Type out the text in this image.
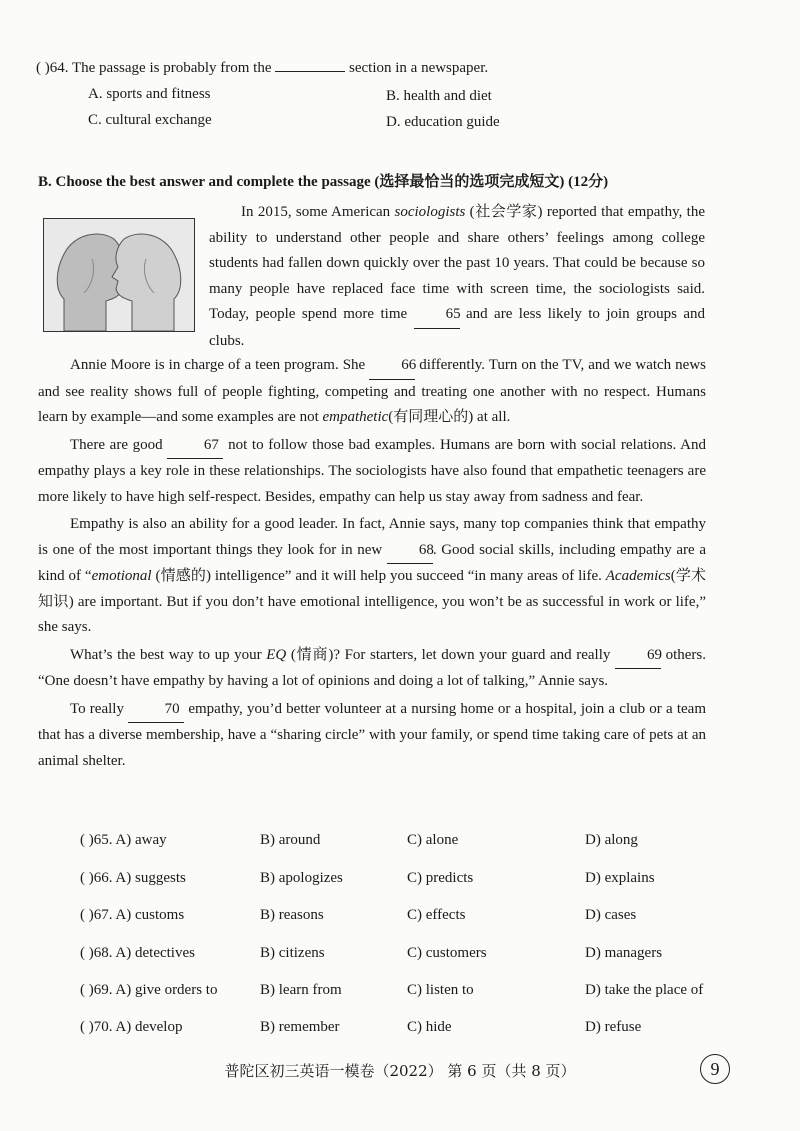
( )64. The passage is probably from the	section in a newspaper.
A. sports and fitness	B. health and diet
C. cultural exchange	D. education guide
B. Choose the best answer and complete the passage (选择最恰当的选项完成短文) (12分)

In 2015, some American sociologists (社会学家) reported that empathy, the ability to understand other people and share others’ feelings among college students had fallen down quickly over the past 10 years. That could be because so many people have replaced face time with screen time, the sociologists said. Today, people spend more time 65 and are less likely to join groups and clubs.

Annie Moore is in charge of a teen program. She 66 differently. Turn on the TV, and we watch news and see reality shows full of people fighting, competing and treating one another with no respect. Humans learn by example—and some examples are not empathetic(有同理心的) at all.

There are good 67 not to follow those bad examples. Humans are born with social relations. And empathy plays a key role in these relationships. The sociologists have also found that empathetic teenagers are more likely to have high self-respect. Besides, empathy can help us stay away from sadness and fear.

Empathy is also an ability for a good leader. In fact, Annie says, many top companies think that empathy is one of the most important things they look for in new 68. Good social skills, including empathy are a kind of “emotional (情感的) intelligence” and it will help you succeed “in many areas of life. Academics(学术知识) are important. But if you don’t have emotional intelligence, you won’t be as successful in work or life,” she says.

What’s the best way to up your EQ (情商)? For starters, let down your guard and really 69 others. “One doesn’t have empathy by having a lot of opinions and doing a lot of talking,” Annie says.

To really 70 empathy, you’d better volunteer at a nursing home or a hospital, join a club or a team that has a diverse membership, have a “sharing circle” with your family, or spend time taking care of pets at an animal shelter.

( )65. A) away	B) around	C) alone	D) along
( )66. A) suggests	B) apologizes	C) predicts	D) explains
( )67. A) customs	B) reasons	C) effects	D) cases
( )68. A) detectives	B) citizens	C) customers	D) managers
( )69. A) give orders to	B) learn from	C) listen to	D) take the place of
( )70. A) develop	B) remember	C) hide	D) refuse
普陀区初三英语一模卷（2022） 第 6 页（共 8 页）	9
